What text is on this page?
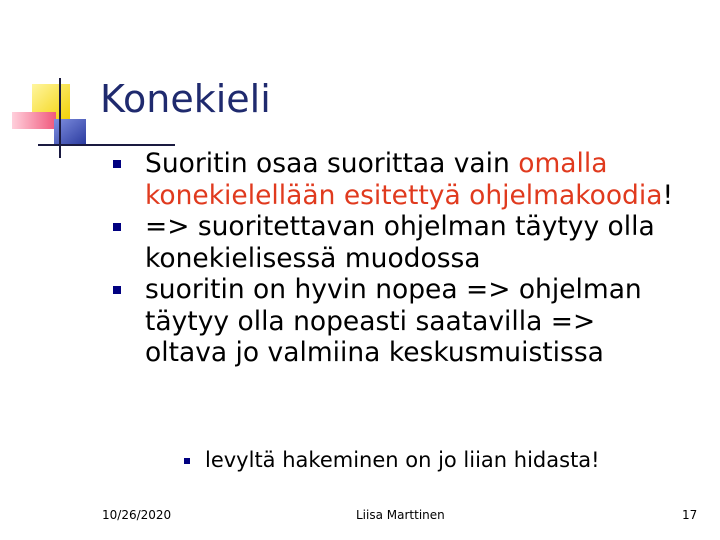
Konekieli
Suoritin osaa suorittaa vain omalla konekielellään esitettyä ohjelmakoodia!
=> suoritettavan ohjelman täytyy olla konekielisessä muodossa
suoritin on hyvin nopea => ohjelman täytyy olla nopeasti saatavilla => oltava jo valmiina keskusmuistissa
levyltä hakeminen on jo liian hidasta!
10/26/2020	Liisa Marttinen	17
